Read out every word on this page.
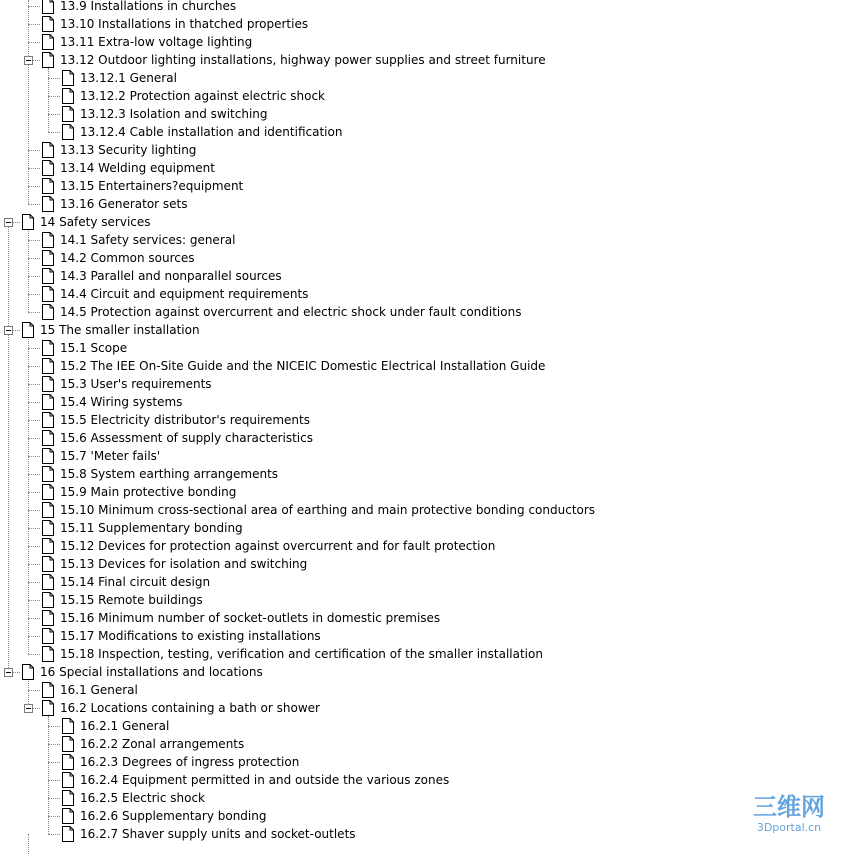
13.9 Installations in churches
13.10 Installations in thatched properties
13.11 Extra-low voltage lighting
13.12 Outdoor lighting installations, highway power supplies and street furniture
13.12.1 General
13.12.2 Protection against electric shock
13.12.3 Isolation and switching
13.12.4 Cable installation and identification
13.13 Security lighting
13.14 Welding equipment
13.15 Entertainers?equipment
13.16 Generator sets
14 Safety services
14.1 Safety services: general
14.2 Common sources
14.3 Parallel and nonparallel sources
14.4 Circuit and equipment requirements
14.5 Protection against overcurrent and electric shock under fault conditions
15 The smaller installation
15.1 Scope
15.2 The IEE On-Site Guide and the NICEIC Domestic Electrical Installation Guide
15.3 User's requirements
15.4 Wiring systems
15.5 Electricity distributor's requirements
15.6 Assessment of supply characteristics
15.7 'Meter fails'
15.8 System earthing arrangements
15.9 Main protective bonding
15.10 Minimum cross-sectional area of earthing and main protective bonding conductors
15.11 Supplementary bonding
15.12 Devices for protection against overcurrent and for fault protection
15.13 Devices for isolation and switching
15.14 Final circuit design
15.15 Remote buildings
15.16 Minimum number of socket-outlets in domestic premises
15.17 Modifications to existing installations
15.18 Inspection, testing, verification and certification of the smaller installation
16 Special installations and locations
16.1 General
16.2 Locations containing a bath or shower
16.2.1 General
16.2.2 Zonal arrangements
16.2.3 Degrees of ingress protection
16.2.4 Equipment permitted in and outside the various zones
16.2.5 Electric shock
16.2.6 Supplementary bonding
16.2.7 Shaver supply units and socket-outlets
三维网
3Dportal.cn
